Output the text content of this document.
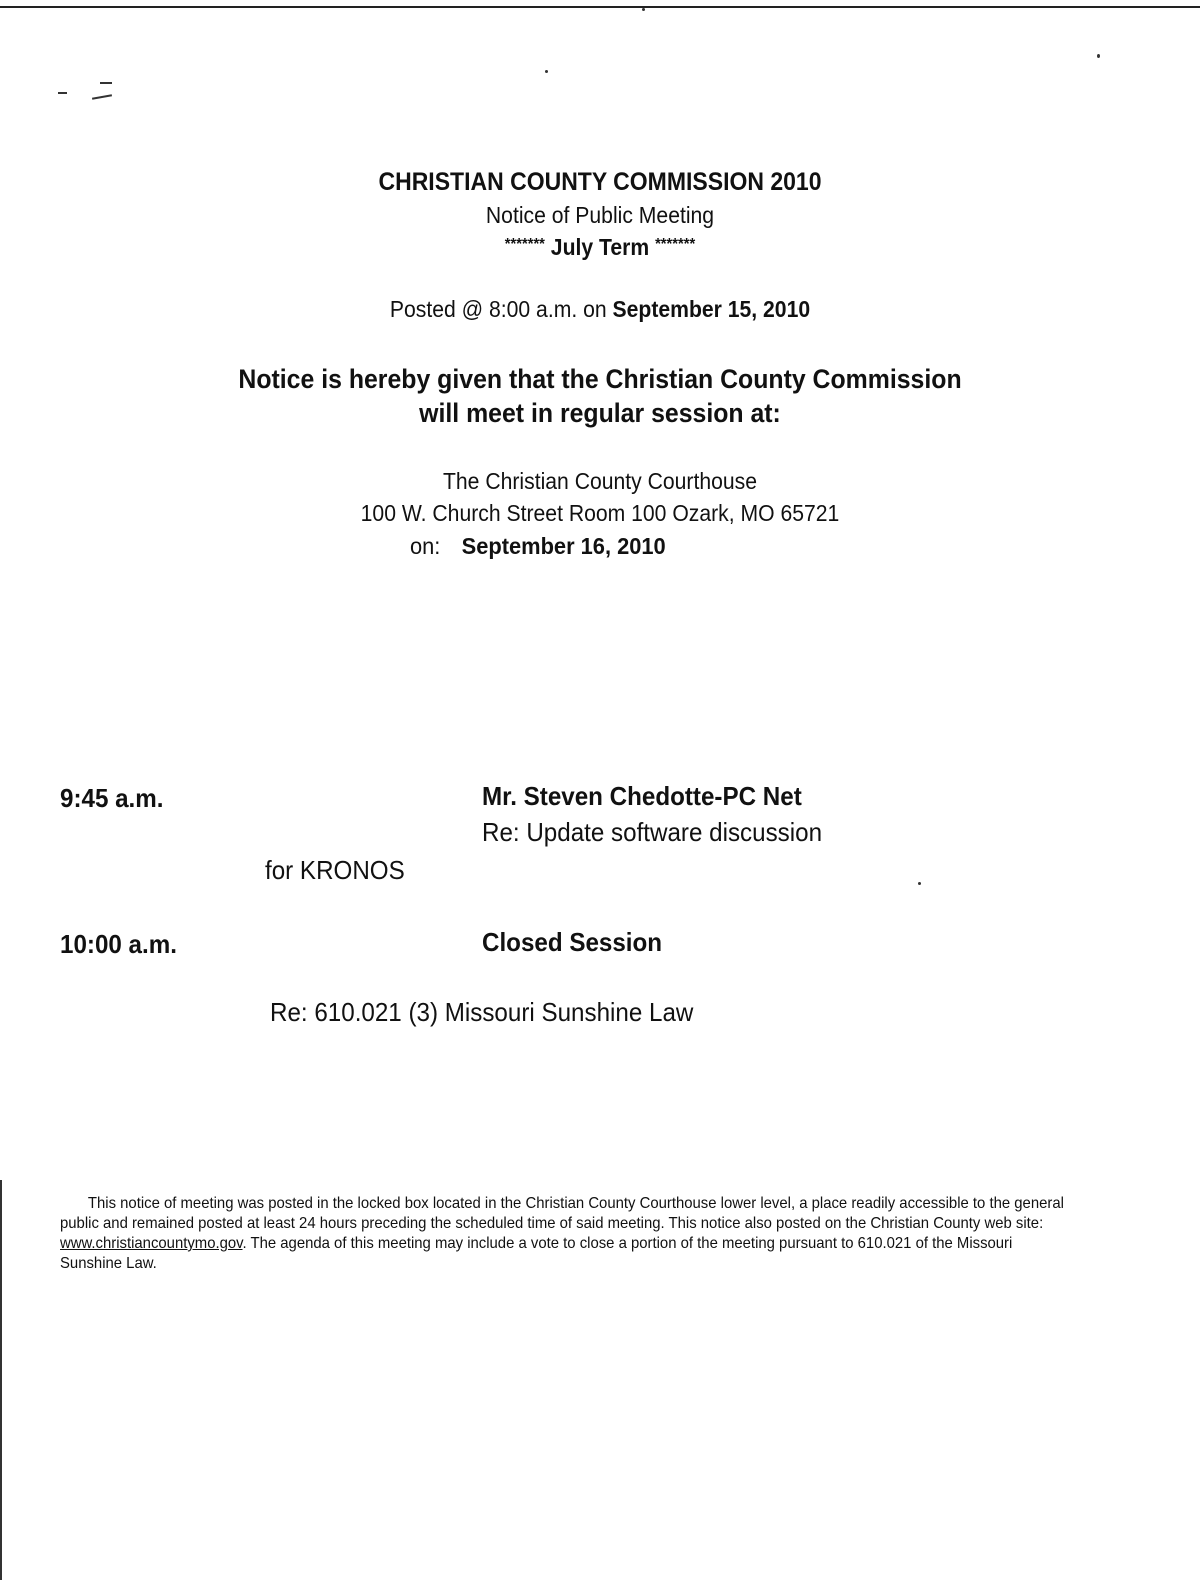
CHRISTIAN COUNTY COMMISSION 2010
Notice of Public Meeting
******* July Term *******
Posted @ 8:00 a.m. on September 15, 2010
Notice is hereby given that the Christian County Commission
will meet in regular session at:
The Christian County Courthouse
100 W. Church Street Room 100 Ozark, MO 65721
on: September 16, 2010
9:45 a.m.	Mr. Steven Chedotte-PC Net
Re: Update software discussion
for KRONOS
10:00 a.m.	Closed Session
Re: 610.021 (3) Missouri Sunshine Law

This notice of meeting was posted in the locked box located in the Christian County Courthouse lower level, a place readily accessible to the general public and remained posted at least 24 hours preceding the scheduled time of said meeting. This notice also posted on the Christian County web site: www.christiancountymo.gov. The agenda of this meeting may include a vote to close a portion of the meeting pursuant to 610.021 of the Missouri Sunshine Law.
